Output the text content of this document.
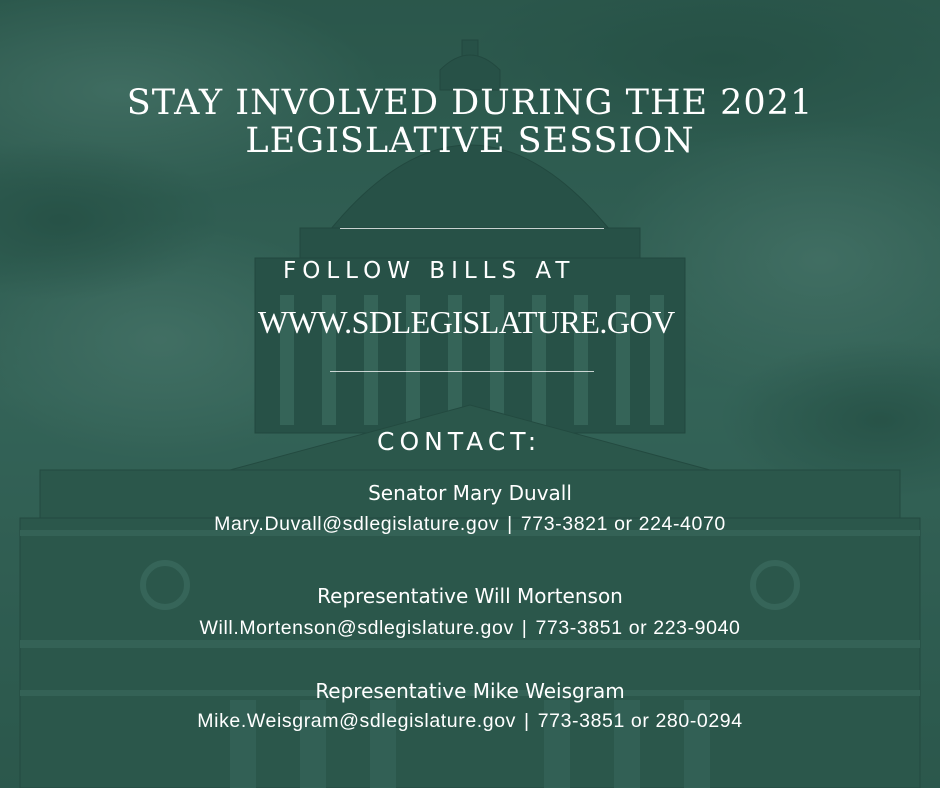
STAY INVOLVED DURING THE 2021
LEGISLATIVE SESSION
FOLLOW BILLS AT
WWW.SDLEGISLATURE.GOV
CONTACT:
Senator Mary Duvall
Mary.Duvall@sdlegislature.gov | 773-3821 or 224-4070
Representative Will Mortenson
Will.Mortenson@sdlegislature.gov | 773-3851 or 223-9040
Representative Mike Weisgram
Mike.Weisgram@sdlegislature.gov | 773-3851 or 280-0294
